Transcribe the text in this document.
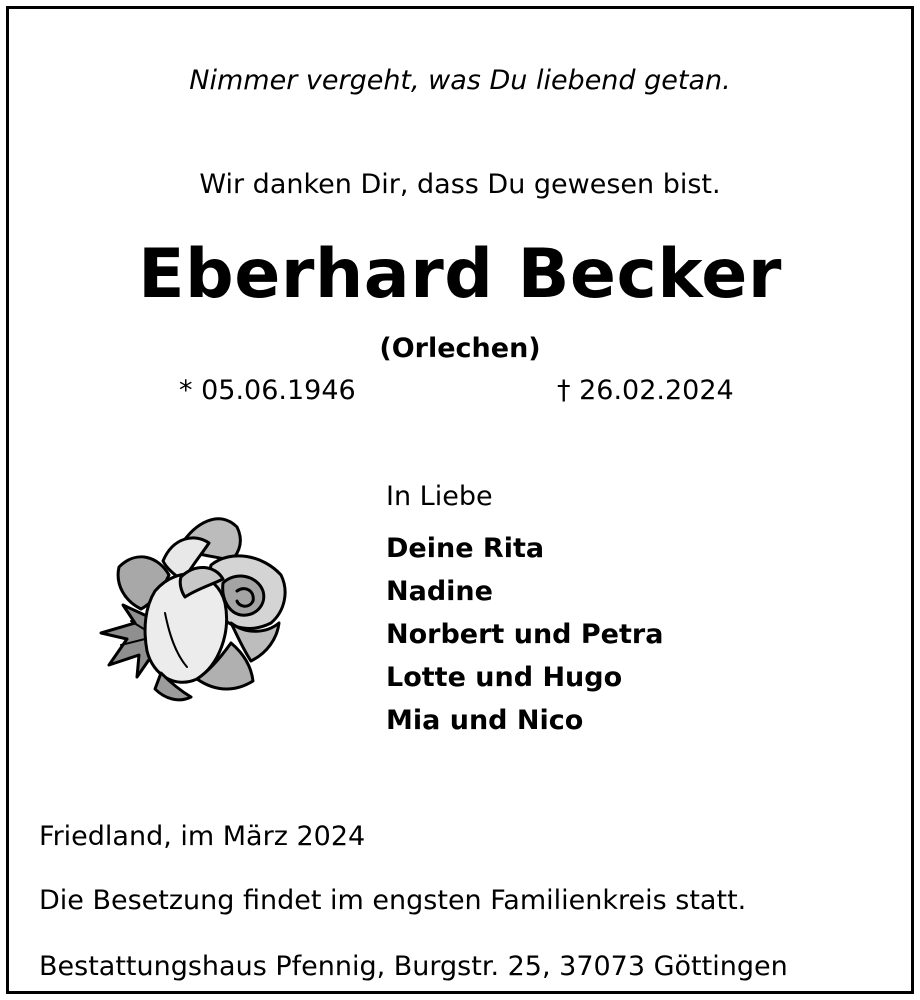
Nimmer vergeht, was Du liebend getan.
Wir danken Dir, dass Du gewesen bist.
Eberhard Becker
(Orlechen)
* 05.06.1946	† 26.02.2024
In Liebe
Deine Rita
Nadine
Norbert und Petra
Lotte und Hugo
Mia und Nico
Friedland, im März 2024
Die Besetzung findet im engsten Familienkreis statt.
Bestattungshaus Pfennig, Burgstr. 25, 37073 Göttingen
